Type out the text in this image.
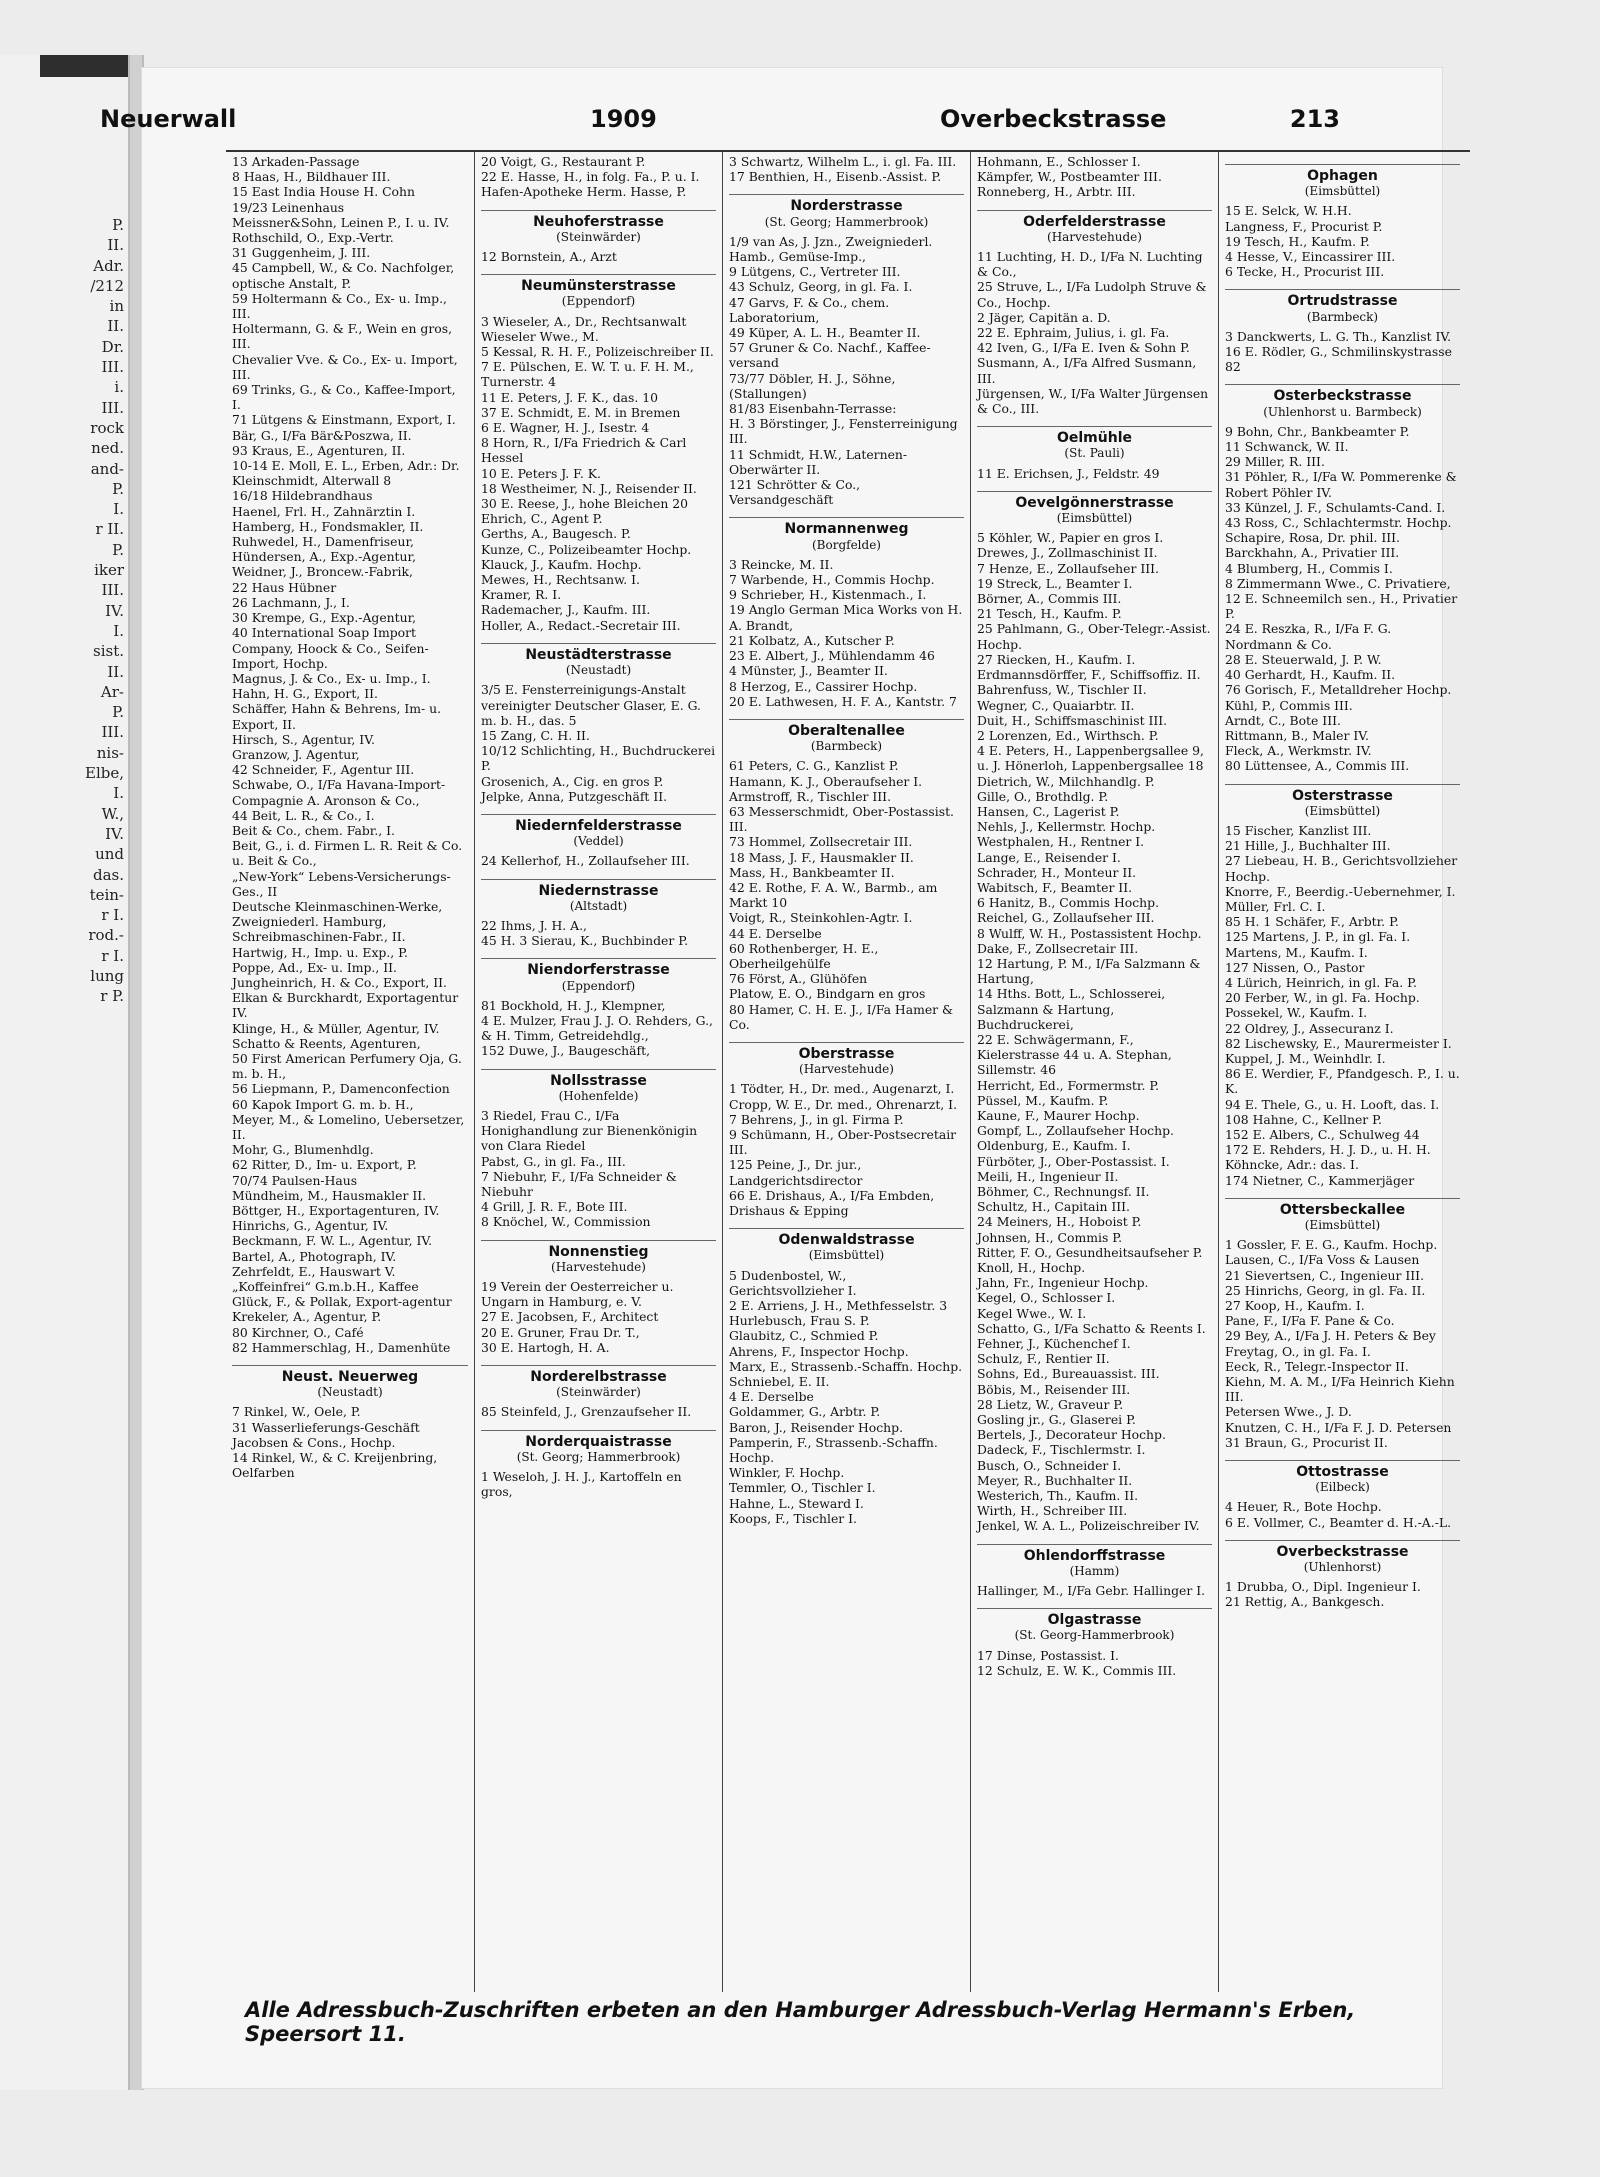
P.
II.
Adr.
/212
in
II.
Dr.
III.
i.
III.
rock
ned.
and-
P.
I.
r II.
P.
iker
III.
IV.
I.
sist.
II.
Ar-
P.
III.
nis-
Elbe,
I.
W.,
IV.
und
das.
tein-
r I.
rod.-
r I.
lung
r P.
Neuerwall	1909	Overbeckstrasse	213
13 Arkaden-Passage
8 Haas, H., Bildhauer III.
15 East India House H. Cohn
19/23 Leinenhaus
Meissner&Sohn, Leinen P., I. u. IV.
Rothschild, O., Exp.-Vertr.
31 Guggenheim, J. III.
45 Campbell, W., & Co. Nachfolger, optische Anstalt, P.
59 Holtermann & Co., Ex- u. Imp., III.
Holtermann, G. & F., Wein en gros, III.
Chevalier Vve. & Co., Ex- u. Import, III.
69 Trinks, G., & Co., Kaffee-Import, I.
71 Lütgens & Einstmann, Export, I.
Bär, G., I/Fa Bär&Poszwa, II.
93 Kraus, E., Agenturen, II.
10-14 E. Moll, E. L., Erben, Adr.: Dr. Kleinschmidt, Alterwall 8
16/18 Hildebrandhaus
Haenel, Frl. H., Zahnärztin I.
Hamberg, H., Fondsmakler, II.
Ruhwedel, H., Damenfriseur,
Hündersen, A., Exp.-Agentur,
Weidner, J., Broncew.-Fabrik,
22 Haus Hübner
26 Lachmann, J., I.
30 Krempe, G., Exp.-Agentur,
40 International Soap Import Company, Hoock & Co., Seifen-Import, Hochp.
Magnus, J. & Co., Ex- u. Imp., I.
Hahn, H. G., Export, II.
Schäffer, Hahn & Behrens, Im- u. Export, II.
Hirsch, S., Agentur, IV.
Granzow, J. Agentur,
42 Schneider, F., Agentur III.
Schwabe, O., I/Fa Havana-Import-Compagnie A. Aronson & Co.,
44 Beit, L. R., & Co., I.
Beit & Co., chem. Fabr., I.
Beit, G., i. d. Firmen L. R. Reit & Co. u. Beit & Co.,
„New-York“ Lebens-Versicherungs-Ges., II
Deutsche Kleinmaschinen-Werke, Zweigniederl. Hamburg, Schreibmaschinen-Fabr., II.
Hartwig, H., Imp. u. Exp., P.
Poppe, Ad., Ex- u. Imp., II.
Jungheinrich, H. & Co., Export, II.
Elkan & Burckhardt, Exportagentur IV.
Klinge, H., & Müller, Agentur, IV.
Schatto & Reents, Agenturen,
50 First American Perfumery Oja, G. m. b. H.,
56 Liepmann, P., Damenconfection
60 Kapok Import G. m. b. H.,
Meyer, M., & Lomelino, Uebersetzer, II.
Mohr, G., Blumenhdlg.
62 Ritter, D., Im- u. Export, P.
70/74 Paulsen-Haus
Mündheim, M., Hausmakler II.
Böttger, H., Exportagenturen, IV.
Hinrichs, G., Agentur, IV.
Beckmann, F. W. L., Agentur, IV.
Bartel, A., Photograph, IV.
Zehrfeldt, E., Hauswart V.
„Koffeinfrei“ G.m.b.H., Kaffee
Glück, F., & Pollak, Export-agentur
Krekeler, A., Agentur, P.
80 Kirchner, O., Café
82 Hammerschlag, H., Damenhüte
Neust. Neuerweg
(Neustadt)
7 Rinkel, W., Oele, P.
31 Wasserlieferungs-Geschäft Jacobsen & Cons., Hochp.
14 Rinkel, W., & C. Kreijenbring, Oelfarben
20 Voigt, G., Restaurant P.
22 E. Hasse, H., in folg. Fa., P. u. I.
Hafen-Apotheke Herm. Hasse, P.
Neuhoferstrasse
(Steinwärder)
12 Bornstein, A., Arzt
Neumünsterstrasse
(Eppendorf)
3 Wieseler, A., Dr., Rechtsanwalt
Wieseler Wwe., M.
5 Kessal, R. H. F., Polizeischreiber II.
7 E. Pülschen, E. W. T. u. F. H. M., Turnerstr. 4
11 E. Peters, J. F. K., das. 10
37 E. Schmidt, E. M. in Bremen
6 E. Wagner, H. J., Isestr. 4
8 Horn, R., I/Fa Friedrich & Carl Hessel
10 E. Peters J. F. K.
18 Westheimer, N. J., Reisender II.
30 E. Reese, J., hohe Bleichen 20
Ehrich, C., Agent P.
Gerths, A., Baugesch. P.
Kunze, C., Polizeibeamter Hochp.
Klauck, J., Kaufm. Hochp.
Mewes, H., Rechtsanw. I.
Kramer, R. I.
Rademacher, J., Kaufm. III.
Holler, A., Redact.-Secretair III.
Neustädterstrasse
(Neustadt)
3/5 E. Fensterreinigungs-Anstalt vereinigter Deutscher Glaser, E. G. m. b. H., das. 5
15 Zang, C. H. II.
10/12 Schlichting, H., Buchdruckerei P.
Grosenich, A., Cig. en gros P.
Jelpke, Anna, Putzgeschäft II.
Niedernfelderstrasse
(Veddel)
24 Kellerhof, H., Zollaufseher III.
Niedernstrasse
(Altstadt)
22 Ihms, J. H. A.,
45 H. 3 Sierau, K., Buchbinder P.
Niendorferstrasse
(Eppendorf)
81 Bockhold, H. J., Klempner,
4 E. Mulzer, Frau J. J. O. Rehders, G., & H. Timm, Getreidehdlg.,
152 Duwe, J., Baugeschäft,
Nollsstrasse
(Hohenfelde)
3 Riedel, Frau C., I/Fa Honighandlung zur Bienenkönigin von Clara Riedel
Pabst, G., in gl. Fa., III.
7 Niebuhr, F., I/Fa Schneider & Niebuhr
4 Grill, J. R. F., Bote III.
8 Knöchel, W., Commission
Nonnenstieg
(Harvestehude)
19 Verein der Oesterreicher u. Ungarn in Hamburg, e. V.
27 E. Jacobsen, F., Architect
20 E. Gruner, Frau Dr. T.,
30 E. Hartogh, H. A.
Norderelbstrasse
(Steinwärder)
85 Steinfeld, J., Grenzaufseher II.
Norderquaistrasse
(St. Georg; Hammerbrook)
1 Weseloh, J. H. J., Kartoffeln en gros,
3 Schwartz, Wilhelm L., i. gl. Fa. III.
17 Benthien, H., Eisenb.-Assist. P.
Norderstrasse
(St. Georg; Hammerbrook)
1/9 van As, J. Jzn., Zweigniederl. Hamb., Gemüse-Imp.,
9 Lütgens, C., Vertreter III.
43 Schulz, Georg, in gl. Fa. I.
47 Garvs, F. & Co., chem. Laboratorium,
49 Küper, A. L. H., Beamter II.
57 Gruner & Co. Nachf., Kaffee-versand
73/77 Döbler, H. J., Söhne, (Stallungen)
81/83 Eisenbahn-Terrasse:
H. 3 Börstinger, J., Fensterreinigung III.
11 Schmidt, H.W., Laternen-Oberwärter II.
121 Schrötter & Co., Versandgeschäft
Normannenweg
(Borgfelde)
3 Reincke, M. II.
7 Warbende, H., Commis Hochp.
9 Schrieber, H., Kistenmach., I.
19 Anglo German Mica Works von H. A. Brandt,
21 Kolbatz, A., Kutscher P.
23 E. Albert, J., Mühlendamm 46
4 Münster, J., Beamter II.
8 Herzog, E., Cassirer Hochp.
20 E. Lathwesen, H. F. A., Kantstr. 7
Oberaltenallee
(Barmbeck)
61 Peters, C. G., Kanzlist P.
Hamann, K. J., Oberaufseher I.
Armstroff, R., Tischler III.
63 Messerschmidt, Ober-Postassist. III.
73 Hommel, Zollsecretair III.
18 Mass, J. F., Hausmakler II.
Mass, H., Bankbeamter II.
42 E. Rothe, F. A. W., Barmb., am Markt 10
Voigt, R., Steinkohlen-Agtr. I.
44 E. Derselbe
60 Rothenberger, H. E., Oberheilgehülfe
76 Först, A., Glühöfen
Platow, E. O., Bindgarn en gros
80 Hamer, C. H. E. J., I/Fa Hamer & Co.
Oberstrasse
(Harvestehude)
1 Tödter, H., Dr. med., Augenarzt, I.
Cropp, W. E., Dr. med., Ohrenarzt, I.
7 Behrens, J., in gl. Firma P.
9 Schümann, H., Ober-Postsecretair III.
125 Peine, J., Dr. jur., Landgerichtsdirector
66 E. Drishaus, A., I/Fa Embden, Drishaus & Epping
Odenwaldstrasse
(Eimsbüttel)
5 Dudenbostel, W., Gerichtsvollzieher I.
2 E. Arriens, J. H., Methfesselstr. 3
Hurlebusch, Frau S. P.
Glaubitz, C., Schmied P.
Ahrens, F., Inspector Hochp.
Marx, E., Strassenb.-Schaffn. Hochp.
Schniebel, E. II.
4 E. Derselbe
Goldammer, G., Arbtr. P.
Baron, J., Reisender Hochp.
Pamperin, F., Strassenb.-Schaffn. Hochp.
Winkler, F. Hochp.
Temmler, O., Tischler I.
Hahne, L., Steward I.
Koops, F., Tischler I.
Hohmann, E., Schlosser I.
Kämpfer, W., Postbeamter III.
Ronneberg, H., Arbtr. III.
Oderfelderstrasse
(Harvestehude)
11 Luchting, H. D., I/Fa N. Luchting & Co.,
25 Struve, L., I/Fa Ludolph Struve & Co., Hochp.
2 Jäger, Capitän a. D.
22 E. Ephraim, Julius, i. gl. Fa.
42 Iven, G., I/Fa E. Iven & Sohn P.
Susmann, A., I/Fa Alfred Susmann, III.
Jürgensen, W., I/Fa Walter Jürgensen & Co., III.
Oelmühle
(St. Pauli)
11 E. Erichsen, J., Feldstr. 49
Oevelgönnerstrasse
(Eimsbüttel)
5 Köhler, W., Papier en gros I.
Drewes, J., Zollmaschinist II.
7 Henze, E., Zollaufseher III.
19 Streck, L., Beamter I.
Börner, A., Commis III.
21 Tesch, H., Kaufm. P.
25 Pahlmann, G., Ober-Telegr.-Assist. Hochp.
27 Riecken, H., Kaufm. I.
Erdmannsdörffer, F., Schiffsoffiz. II.
Bahrenfuss, W., Tischler II.
Wegner, C., Quaiarbtr. II.
Duit, H., Schiffsmaschinist III.
2 Lorenzen, Ed., Wirthsch. P.
4 E. Peters, H., Lappenbergsallee 9, u. J. Hönerloh, Lappenbergsallee 18
Dietrich, W., Milchhandlg. P.
Gille, O., Brothdlg. P.
Hansen, C., Lagerist P.
Nehls, J., Kellermstr. Hochp.
Westphalen, H., Rentner I.
Lange, E., Reisender I.
Schrader, H., Monteur II.
Wabitsch, F., Beamter II.
6 Hanitz, B., Commis Hochp.
Reichel, G., Zollaufseher III.
8 Wulff, W. H., Postassistent Hochp.
Dake, F., Zollsecretair III.
12 Hartung, P. M., I/Fa Salzmann & Hartung,
14 Hths. Bott, L., Schlosserei,
Salzmann & Hartung, Buchdruckerei,
22 E. Schwägermann, F., Kielerstrasse 44 u. A. Stephan, Sillemstr. 46
Herricht, Ed., Formermstr. P.
Püssel, M., Kaufm. P.
Kaune, F., Maurer Hochp.
Gompf, L., Zollaufseher Hochp.
Oldenburg, E., Kaufm. I.
Fürböter, J., Ober-Postassist. I.
Meili, H., Ingenieur II.
Böhmer, C., Rechnungsf. II.
Schultz, H., Capitain III.
24 Meiners, H., Hoboist P.
Johnsen, H., Commis P.
Ritter, F. O., Gesundheitsaufseher P.
Knoll, H., Hochp.
Jahn, Fr., Ingenieur Hochp.
Kegel, O., Schlosser I.
Kegel Wwe., W. I.
Schatto, G., I/Fa Schatto & Reents I.
Fehner, J., Küchenchef I.
Schulz, F., Rentier II.
Sohns, Ed., Bureauassist. III.
Böbis, M., Reisender III.
28 Lietz, W., Graveur P.
Gosling jr., G., Glaserei P.
Bertels, J., Decorateur Hochp.
Dadeck, F., Tischlermstr. I.
Busch, O., Schneider I.
Meyer, R., Buchhalter II.
Westerich, Th., Kaufm. II.
Wirth, H., Schreiber III.
Jenkel, W. A. L., Polizeischreiber IV.
Ohlendorffstrasse
(Hamm)
Hallinger, M., I/Fa Gebr. Hallinger I.
Olgastrasse
(St. Georg-Hammerbrook)
17 Dinse, Postassist. I.
12 Schulz, E. W. K., Commis III.
Ophagen
(Eimsbüttel)
15 E. Selck, W. H.H.
Langness, F., Procurist P.
19 Tesch, H., Kaufm. P.
4 Hesse, V., Eincassirer III.
6 Tecke, H., Procurist III.
Ortrudstrasse
(Barmbeck)
3 Danckwerts, L. G. Th., Kanzlist IV.
16 E. Rödler, G., Schmilinskystrasse 82
Osterbeckstrasse
(Uhlenhorst u. Barmbeck)
9 Bohn, Chr., Bankbeamter P.
11 Schwanck, W. II.
29 Miller, R. III.
31 Pöhler, R., I/Fa W. Pommerenke & Robert Pöhler IV.
33 Künzel, J. F., Schulamts-Cand. I.
43 Ross, C., Schlachtermstr. Hochp.
Schapire, Rosa, Dr. phil. III.
Barckhahn, A., Privatier III.
4 Blumberg, H., Commis I.
8 Zimmermann Wwe., C. Privatiere,
12 E. Schneemilch sen., H., Privatier P.
24 E. Reszka, R., I/Fa F. G. Nordmann & Co.
28 E. Steuerwald, J. P. W.
40 Gerhardt, H., Kaufm. II.
76 Gorisch, F., Metalldreher Hochp.
Kühl, P., Commis III.
Arndt, C., Bote III.
Rittmann, B., Maler IV.
Fleck, A., Werkmstr. IV.
80 Lüttensee, A., Commis III.
Osterstrasse
(Eimsbüttel)
15 Fischer, Kanzlist III.
21 Hille, J., Buchhalter III.
27 Liebeau, H. B., Gerichtsvollzieher Hochp.
Knorre, F., Beerdig.-Uebernehmer, I.
Müller, Frl. C. I.
85 H. 1 Schäfer, F., Arbtr. P.
125 Martens, J. P., in gl. Fa. I.
Martens, M., Kaufm. I.
127 Nissen, O., Pastor
4 Lürich, Heinrich, in gl. Fa. P.
20 Ferber, W., in gl. Fa. Hochp.
Possekel, W., Kaufm. I.
22 Oldrey, J., Assecuranz I.
82 Lischewsky, E., Maurermeister I.
Kuppel, J. M., Weinhdlr. I.
86 E. Werdier, F., Pfandgesch. P., I. u. K.
94 E. Thele, G., u. H. Looft, das. I.
108 Hahne, C., Kellner P.
152 E. Albers, C., Schulweg 44
172 E. Rehders, H. J. D., u. H. H. Köhncke, Adr.: das. I.
174 Nietner, C., Kammerjäger
Ottersbeckallee
(Eimsbüttel)
1 Gossler, F. E. G., Kaufm. Hochp.
Lausen, C., I/Fa Voss & Lausen
21 Sievertsen, C., Ingenieur III.
25 Hinrichs, Georg, in gl. Fa. II.
27 Koop, H., Kaufm. I.
Pane, F., I/Fa F. Pane & Co.
29 Bey, A., I/Fa J. H. Peters & Bey
Freytag, O., in gl. Fa. I.
Eeck, R., Telegr.-Inspector II.
Kiehn, M. A. M., I/Fa Heinrich Kiehn III.
Petersen Wwe., J. D.
Knutzen, C. H., I/Fa F. J. D. Petersen
31 Braun, G., Procurist II.
Ottostrasse
(Eilbeck)
4 Heuer, R., Bote Hochp.
6 E. Vollmer, C., Beamter d. H.-A.-L.
Overbeckstrasse
(Uhlenhorst)
1 Drubba, O., Dipl. Ingenieur I.
21 Rettig, A., Bankgesch.
Alle Adressbuch-Zuschriften erbeten an den Hamburger Adressbuch-Verlag Hermann's Erben, Speersort 11.
